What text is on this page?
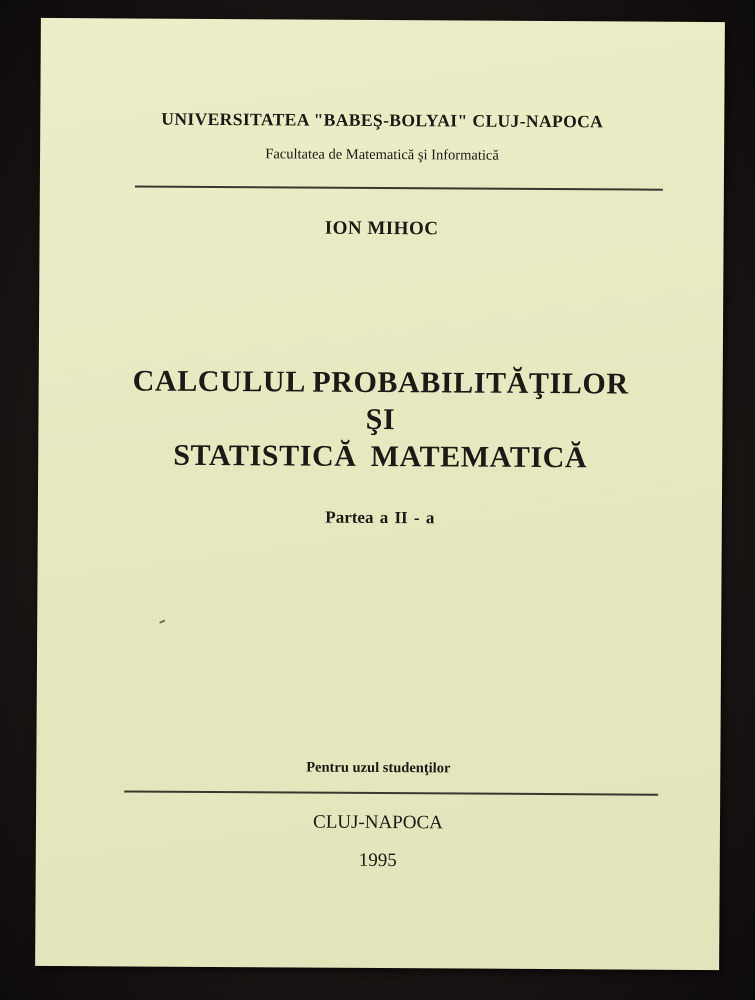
UNIVERSITATEA "BABEŞ-BOLYAI" CLUJ-NAPOCA
Facultatea de Matematică şi Informatică
ION MIHOC
CALCULUL PROBABILITĂŢILOR
ŞI
STATISTICĂ MATEMATICĂ
Partea a II - a
Pentru uzul studenţilor
CLUJ-NAPOCA
1995
